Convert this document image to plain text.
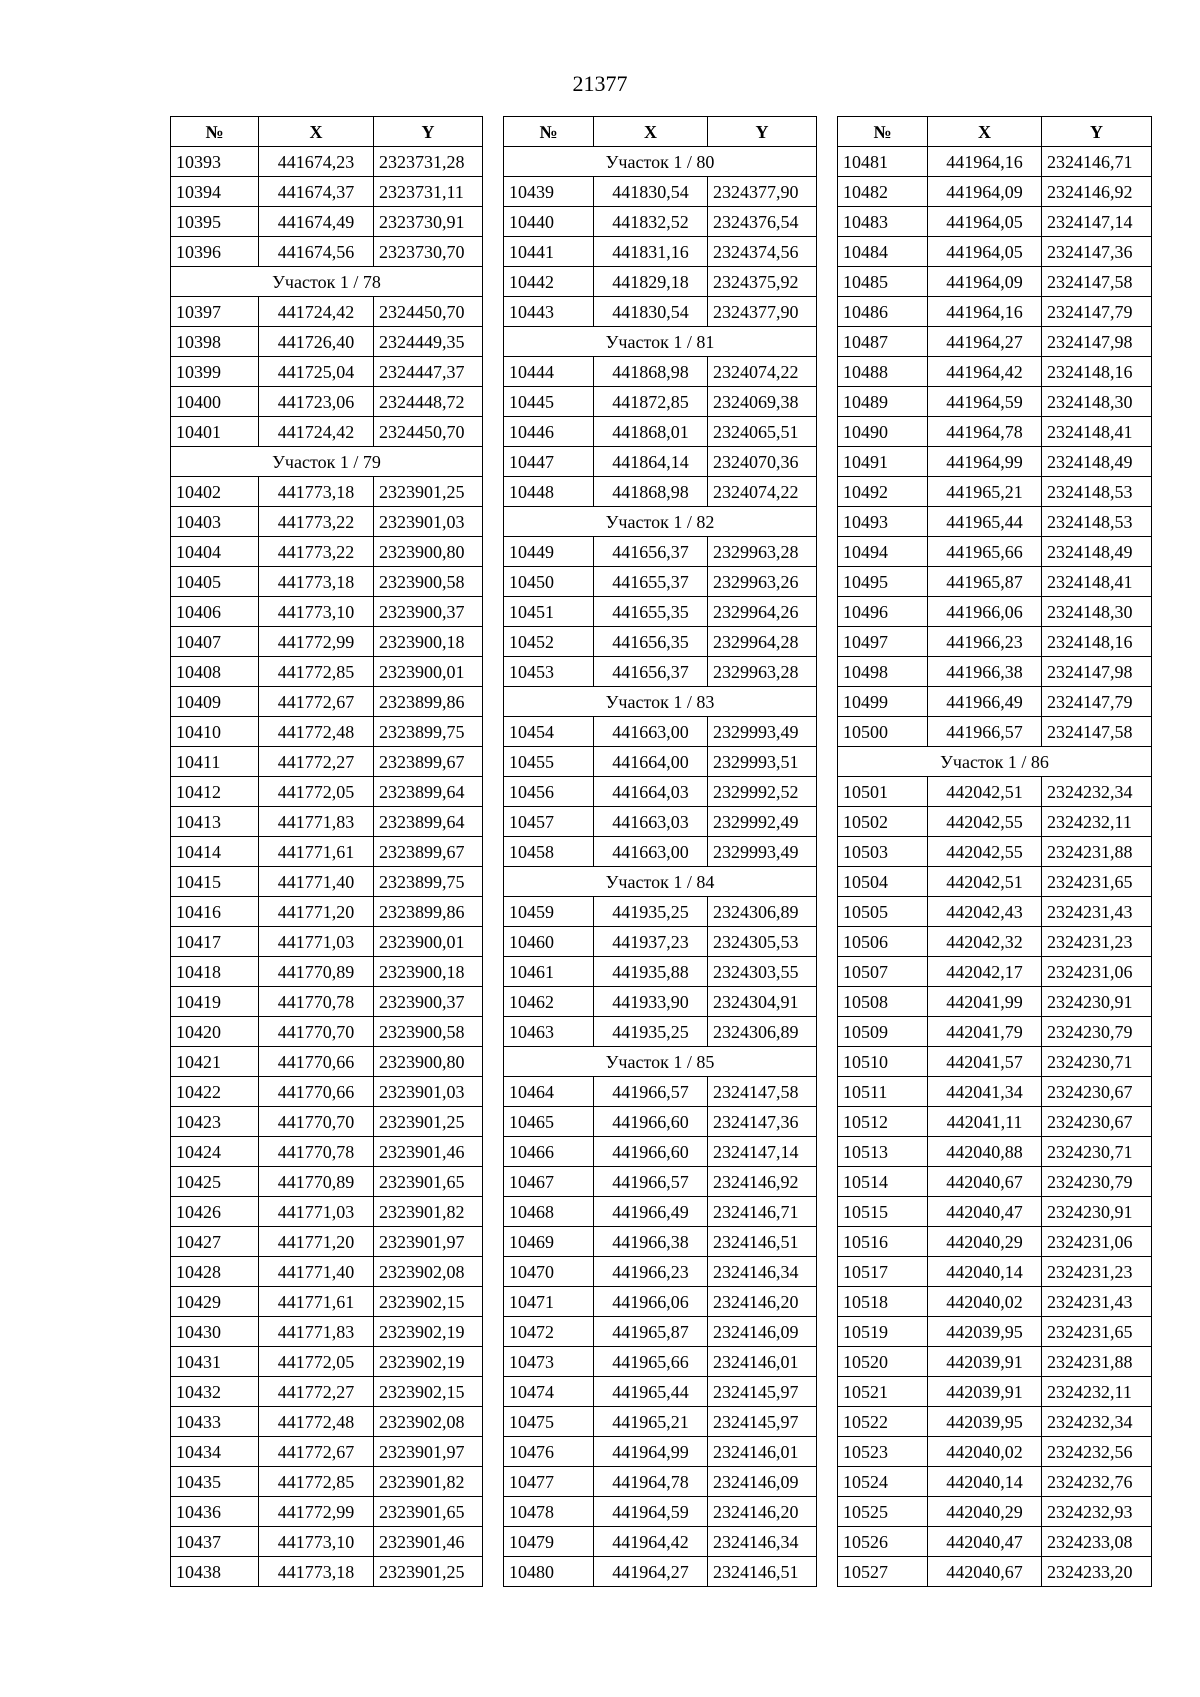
21377
№	X	Y
10393	441674,23	2323731,28
10394	441674,37	2323731,11
10395	441674,49	2323730,91
10396	441674,56	2323730,70
Участок 1 / 78		
10397	441724,42	2324450,70
10398	441726,40	2324449,35
10399	441725,04	2324447,37
10400	441723,06	2324448,72
10401	441724,42	2324450,70
Участок 1 / 79		
10402	441773,18	2323901,25
10403	441773,22	2323901,03
10404	441773,22	2323900,80
10405	441773,18	2323900,58
10406	441773,10	2323900,37
10407	441772,99	2323900,18
10408	441772,85	2323900,01
10409	441772,67	2323899,86
10410	441772,48	2323899,75
10411	441772,27	2323899,67
10412	441772,05	2323899,64
10413	441771,83	2323899,64
10414	441771,61	2323899,67
10415	441771,40	2323899,75
10416	441771,20	2323899,86
10417	441771,03	2323900,01
10418	441770,89	2323900,18
10419	441770,78	2323900,37
10420	441770,70	2323900,58
10421	441770,66	2323900,80
10422	441770,66	2323901,03
10423	441770,70	2323901,25
10424	441770,78	2323901,46
10425	441770,89	2323901,65
10426	441771,03	2323901,82
10427	441771,20	2323901,97
10428	441771,40	2323902,08
10429	441771,61	2323902,15
10430	441771,83	2323902,19
10431	441772,05	2323902,19
10432	441772,27	2323902,15
10433	441772,48	2323902,08
10434	441772,67	2323901,97
10435	441772,85	2323901,82
10436	441772,99	2323901,65
10437	441773,10	2323901,46
10438	441773,18	2323901,25
№	X	Y
Участок 1 / 80		
10439	441830,54	2324377,90
10440	441832,52	2324376,54
10441	441831,16	2324374,56
10442	441829,18	2324375,92
10443	441830,54	2324377,90
Участок 1 / 81		
10444	441868,98	2324074,22
10445	441872,85	2324069,38
10446	441868,01	2324065,51
10447	441864,14	2324070,36
10448	441868,98	2324074,22
Участок 1 / 82		
10449	441656,37	2329963,28
10450	441655,37	2329963,26
10451	441655,35	2329964,26
10452	441656,35	2329964,28
10453	441656,37	2329963,28
Участок 1 / 83		
10454	441663,00	2329993,49
10455	441664,00	2329993,51
10456	441664,03	2329992,52
10457	441663,03	2329992,49
10458	441663,00	2329993,49
Участок 1 / 84		
10459	441935,25	2324306,89
10460	441937,23	2324305,53
10461	441935,88	2324303,55
10462	441933,90	2324304,91
10463	441935,25	2324306,89
Участок 1 / 85		
10464	441966,57	2324147,58
10465	441966,60	2324147,36
10466	441966,60	2324147,14
10467	441966,57	2324146,92
10468	441966,49	2324146,71
10469	441966,38	2324146,51
10470	441966,23	2324146,34
10471	441966,06	2324146,20
10472	441965,87	2324146,09
10473	441965,66	2324146,01
10474	441965,44	2324145,97
10475	441965,21	2324145,97
10476	441964,99	2324146,01
10477	441964,78	2324146,09
10478	441964,59	2324146,20
10479	441964,42	2324146,34
10480	441964,27	2324146,51
№	X	Y
10481	441964,16	2324146,71
10482	441964,09	2324146,92
10483	441964,05	2324147,14
10484	441964,05	2324147,36
10485	441964,09	2324147,58
10486	441964,16	2324147,79
10487	441964,27	2324147,98
10488	441964,42	2324148,16
10489	441964,59	2324148,30
10490	441964,78	2324148,41
10491	441964,99	2324148,49
10492	441965,21	2324148,53
10493	441965,44	2324148,53
10494	441965,66	2324148,49
10495	441965,87	2324148,41
10496	441966,06	2324148,30
10497	441966,23	2324148,16
10498	441966,38	2324147,98
10499	441966,49	2324147,79
10500	441966,57	2324147,58
Участок 1 / 86		
10501	442042,51	2324232,34
10502	442042,55	2324232,11
10503	442042,55	2324231,88
10504	442042,51	2324231,65
10505	442042,43	2324231,43
10506	442042,32	2324231,23
10507	442042,17	2324231,06
10508	442041,99	2324230,91
10509	442041,79	2324230,79
10510	442041,57	2324230,71
10511	442041,34	2324230,67
10512	442041,11	2324230,67
10513	442040,88	2324230,71
10514	442040,67	2324230,79
10515	442040,47	2324230,91
10516	442040,29	2324231,06
10517	442040,14	2324231,23
10518	442040,02	2324231,43
10519	442039,95	2324231,65
10520	442039,91	2324231,88
10521	442039,91	2324232,11
10522	442039,95	2324232,34
10523	442040,02	2324232,56
10524	442040,14	2324232,76
10525	442040,29	2324232,93
10526	442040,47	2324233,08
10527	442040,67	2324233,20
